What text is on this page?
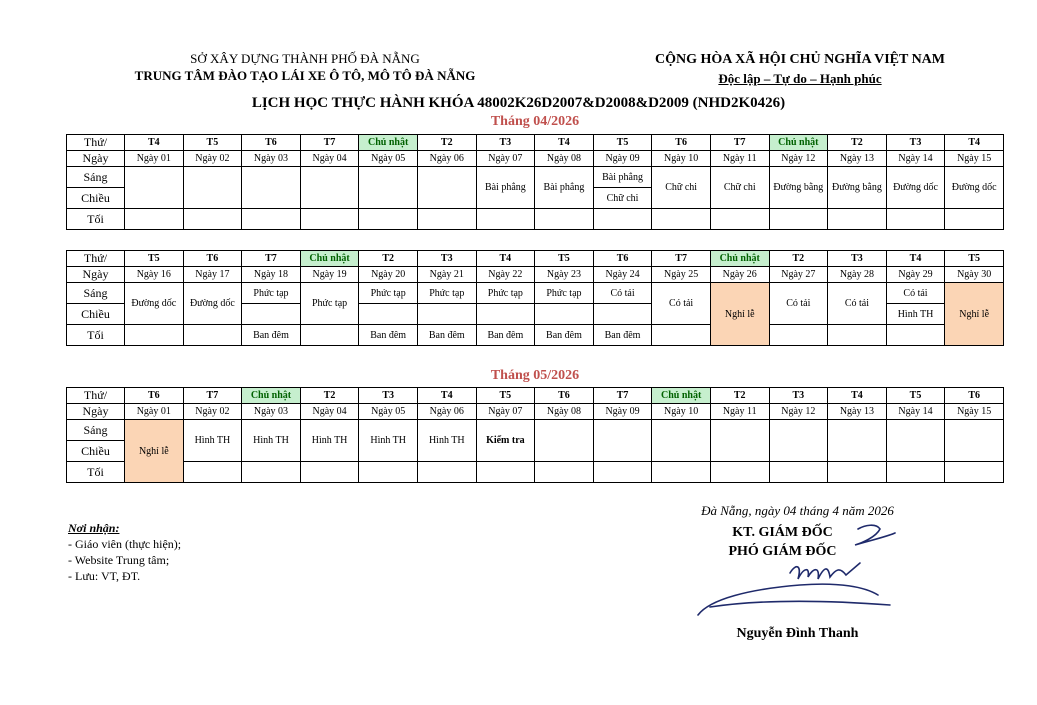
SỞ XÂY DỰNG THÀNH PHỐ ĐÀ NẴNG
TRUNG TÂM ĐÀO TẠO LÁI XE Ô TÔ, MÔ TÔ ĐÀ NẴNG
CỘNG HÒA XÃ HỘI CHỦ NGHĨA VIỆT NAM
Độc lập – Tự do – Hạnh phúc
LỊCH HỌC THỰC HÀNH KHÓA 48002K26D2007&D2008&D2009 (NHD2K0426)
Tháng 04/2026
Thứ/	T4	T5	T6	T7	Chủ nhật	T2	T3	T4	T5	T6	T7	Chủ nhật	T2	T3	T4
Ngày	Ngày 01	Ngày 02	Ngày 03	Ngày 04	Ngày 05	Ngày 06	Ngày 07	Ngày 08	Ngày 09	Ngày 10	Ngày 11	Ngày 12	Ngày 13	Ngày 14	Ngày 15
Sáng							Bài phẳng	Bài phẳng	Bài phẳng	Chữ chi	Chữ chi	Đường bằng	Đường bằng	Đường dốc	Đường dốc
Chiều									Chữ chi						
Tối															
Thứ/	T5	T6	T7	Chủ nhật	T2	T3	T4	T5	T6	T7	Chủ nhật	T2	T3	T4	T5
Ngày	Ngày 16	Ngày 17	Ngày 18	Ngày 19	Ngày 20	Ngày 21	Ngày 22	Ngày 23	Ngày 24	Ngày 25	Ngày 26	Ngày 27	Ngày 28	Ngày 29	Ngày 30
Sáng	Đường dốc	Đường dốc	Phức tạp	Phức tạp	Phức tạp	Phức tạp	Phức tạp	Phức tạp	Có tải	Có tải	Nghỉ lễ	Có tải	Có tải	Có tải	Nghỉ lễ
Chiều														Hình TH	
Tối			Ban đêm		Ban đêm	Ban đêm	Ban đêm	Ban đêm	Ban đêm						
Tháng 05/2026
Thứ/	T6	T7	Chủ nhật	T2	T3	T4	T5	T6	T7	Chủ nhật	T2	T3	T4	T5	T6
Ngày	Ngày 01	Ngày 02	Ngày 03	Ngày 04	Ngày 05	Ngày 06	Ngày 07	Ngày 08	Ngày 09	Ngày 10	Ngày 11	Ngày 12	Ngày 13	Ngày 14	Ngày 15
Sáng	Nghỉ lễ	Hình TH	Hình TH	Hình TH	Hình TH	Hình TH	Kiểm tra								
Chiều															
Tối															
Nơi nhận:
- Giáo viên (thực hiện);
- Website Trung tâm;
- Lưu: VT, ĐT.
Đà Nẵng, ngày 04 tháng 4 năm 2026
KT. GIÁM ĐỐC
PHÓ GIÁM ĐỐC
Nguyễn Đình Thanh
